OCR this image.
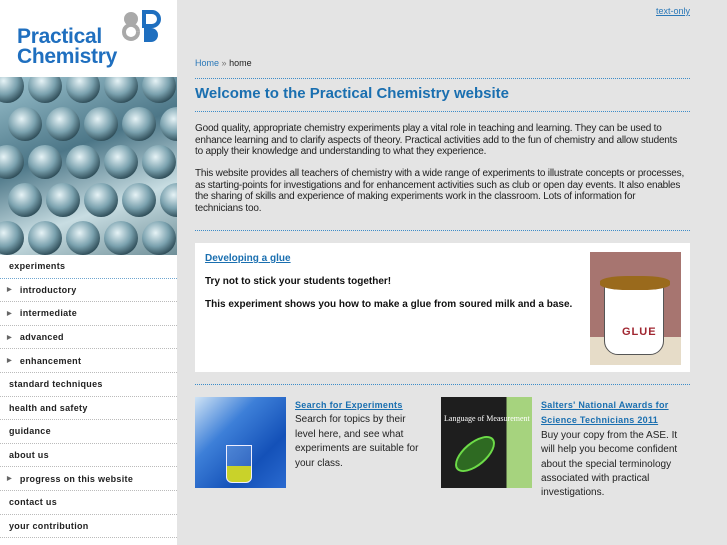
Practical
Chemistry
experiments
▶ introductory
▶ intermediate
▶ advanced
▶ enhancement
standard techniques
health and safety
guidance
about us
▶ progress on this website
contact us
your contribution
text-only
Home » home
Welcome to the Practical Chemistry website

Good quality, appropriate chemistry experiments play a vital role in teaching and learning. They can be used to enhance learning and to clarify aspects of theory. Practical activities add to the fun of chemistry and allow students to apply their knowledge and understanding to what they experience.

This website provides all teachers of chemistry with a wide range of experiments to illustrate concepts or processes, as starting-points for investigations and for enhancement activities such as club or open day events. It also enables the sharing of skills and experience of making experiments work in the classroom. Lots of information for technicians too.

Developing a glue
Try not to stick your students together!
This experiment shows you how to make a glue from soured milk and a base.
GLUE
Search for Experiments
Search for topics by their level here, and see what experiments are suitable for your class.
Language of Measurement
Salters' National Awards for Science Technicians 2011
Buy your copy from the ASE. It will help you become confident about the special terminology associated with practical investigations.
